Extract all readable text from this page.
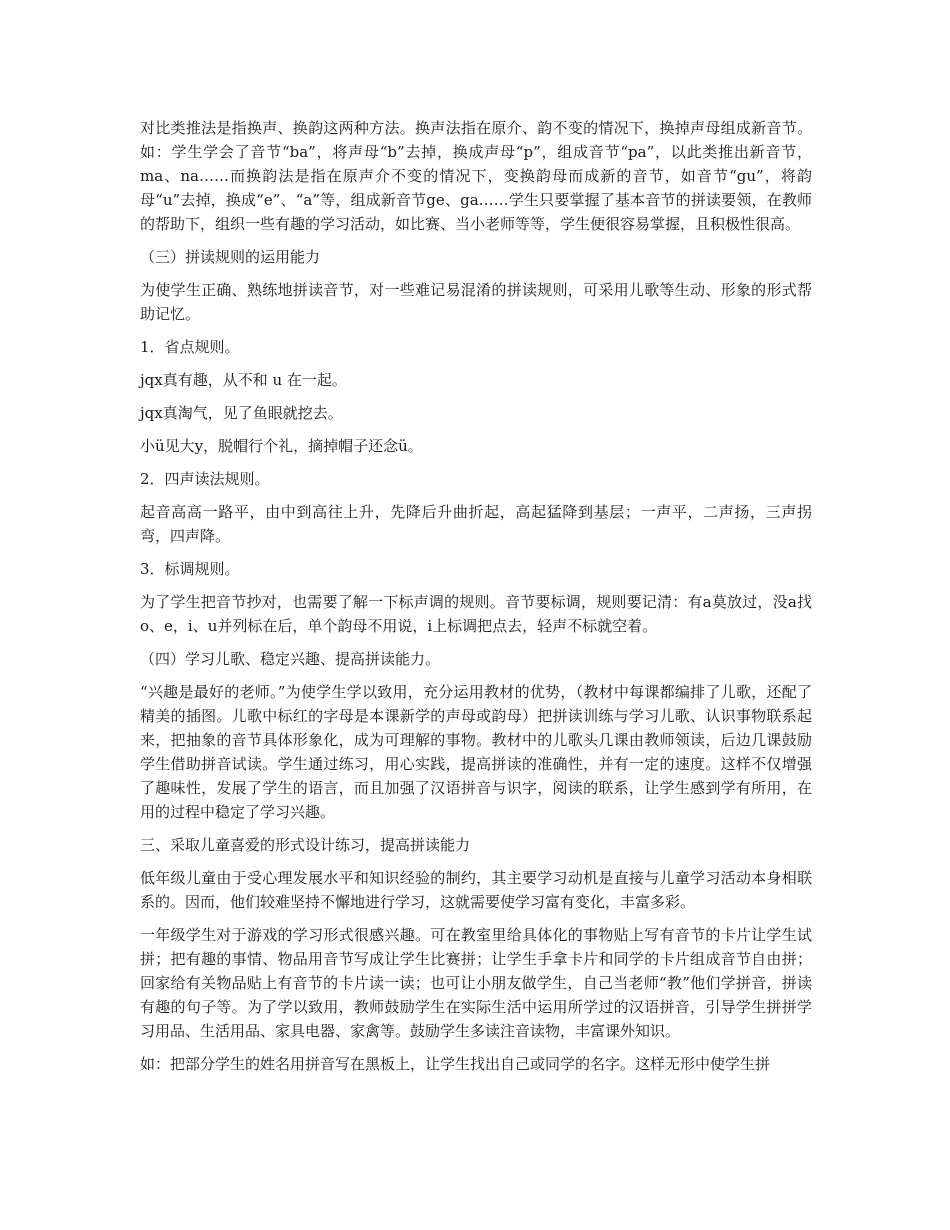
对比类推法是指换声、换韵这两种方法。换声法指在原介、韵不变的情况下，换掉声母组成新音节。如：学生学会了音节“ba”，将声母“b”去掉，换成声母“p”，组成音节“pa”，以此类推出新音节，ma、na……而换韵法是指在原声介不变的情况下，变换韵母而成新的音节，如音节“gu”，将韵母“u”去掉，换成“e”、“a”等，组成新音节ge、ga……学生只要掌握了基本音节的拼读要领，在教师的帮助下，组织一些有趣的学习活动，如比赛、当小老师等等，学生便很容易掌握，且积极性很高。

（三）拼读规则的运用能力

为使学生正确、熟练地拼读音节，对一些难记易混淆的拼读规则，可采用儿歌等生动、形象的形式帮助记忆。

1．省点规则。

jqx真有趣，从不和 u 在一起。

jqx真淘气，见了鱼眼就挖去。

小ü见大y，脱帽行个礼，摘掉帽子还念ü。

2．四声读法规则。

起音高高一路平，由中到高往上升，先降后升曲折起，高起猛降到基层；一声平，二声扬，三声拐弯，四声降。

3．标调规则。

为了学生把音节抄对，也需要了解一下标声调的规则。音节要标调，规则要记清：有a莫放过，没a找o、e，i、u并列标在后，单个韵母不用说，i上标调把点去，轻声不标就空着。

（四）学习儿歌、稳定兴趣、提高拼读能力。

“兴趣是最好的老师。”为使学生学以致用，充分运用教材的优势，（教材中每课都编排了儿歌，还配了精美的插图。儿歌中标红的字母是本课新学的声母或韵母）把拼读训练与学习儿歌、认识事物联系起来，把抽象的音节具体形象化，成为可理解的事物。教材中的儿歌头几课由教师领读，后边几课鼓励学生借助拼音试读。学生通过练习，用心实践，提高拼读的准确性，并有一定的速度。这样不仅增强了趣味性，发展了学生的语言，而且加强了汉语拼音与识字，阅读的联系，让学生感到学有所用，在用的过程中稳定了学习兴趣。

三、采取儿童喜爱的形式设计练习，提高拼读能力

低年级儿童由于受心理发展水平和知识经验的制约，其主要学习动机是直接与儿童学习活动本身相联系的。因而，他们较难坚持不懈地进行学习，这就需要使学习富有变化，丰富多彩。

一年级学生对于游戏的学习形式很感兴趣。可在教室里给具体化的事物贴上写有音节的卡片让学生试拼；把有趣的事情、物品用音节写成让学生比赛拼；让学生手拿卡片和同学的卡片组成音节自由拼；回家给有关物品贴上有音节的卡片读一读；也可让小朋友做学生，自己当老师“教”他们学拼音，拼读有趣的句子等。为了学以致用，教师鼓励学生在实际生活中运用所学过的汉语拼音，引导学生拼拼学习用品、生活用品、家具电器、家禽等。鼓励学生多读注音读物，丰富课外知识。

如：把部分学生的姓名用拼音写在黑板上，让学生找出自己或同学的名字。这样无形中使学生拼
